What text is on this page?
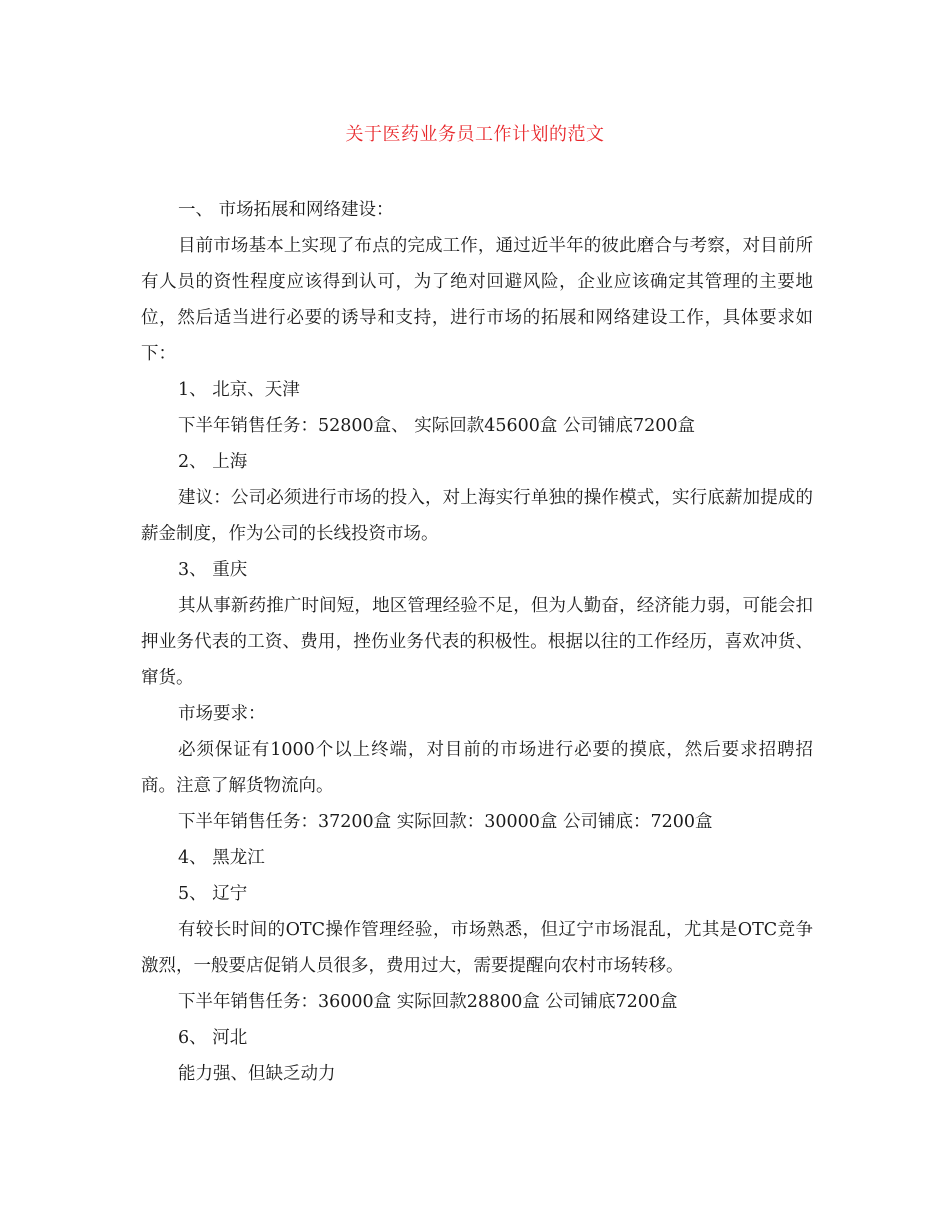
关于医药业务员工作计划的范文

一、 市场拓展和网络建设：

目前市场基本上实现了布点的完成工作，通过近半年的彼此磨合与考察，对目前所有人员的资性程度应该得到认可，为了绝对回避风险，企业应该确定其管理的主要地位，然后适当进行必要的诱导和支持，进行市场的拓展和网络建设工作，具体要求如下：

1、 北京、天津

下半年销售任务：52800盒、 实际回款45600盒 公司铺底7200盒

2、 上海

建议：公司必须进行市场的投入，对上海实行单独的操作模式，实行底薪加提成的薪金制度，作为公司的长线投资市场。

3、 重庆

其从事新药推广时间短，地区管理经验不足，但为人勤奋，经济能力弱，可能会扣押业务代表的工资、费用，挫伤业务代表的积极性。根据以往的工作经历，喜欢冲货、窜货。

市场要求：

必须保证有1000个以上终端，对目前的市场进行必要的摸底，然后要求招聘招商。注意了解货物流向。

下半年销售任务：37200盒 实际回款：30000盒 公司铺底：7200盒

4、 黑龙江

5、 辽宁

有较长时间的OTC操作管理经验，市场熟悉，但辽宁市场混乱，尤其是OTC竞争激烈，一般要店促销人员很多，费用过大，需要提醒向农村市场转移。

下半年销售任务：36000盒 实际回款28800盒 公司铺底7200盒

6、 河北

能力强、但缺乏动力
